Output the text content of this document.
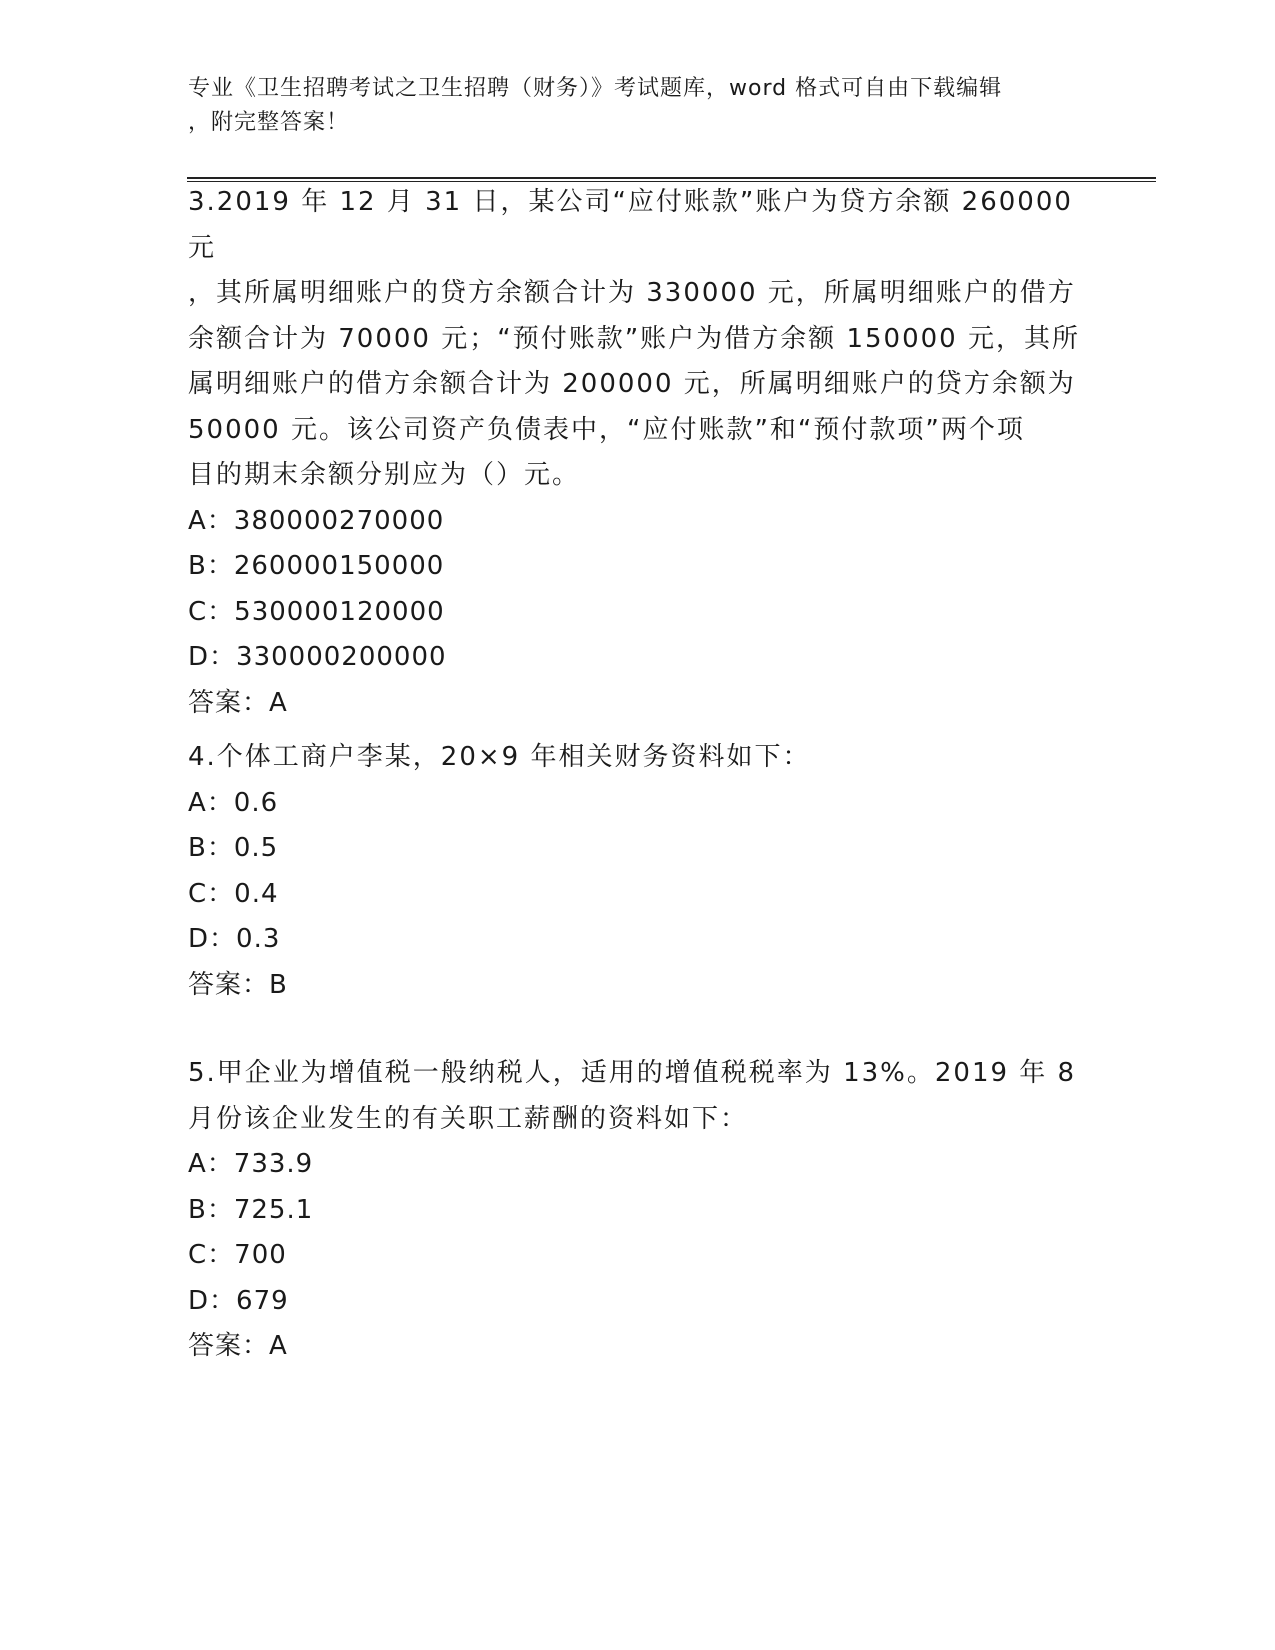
专业《卫生招聘考试之卫生招聘（财务）》考试题库，word 格式可自由下载编辑
，附完整答案！
3.2019 年 12 月 31 日，某公司“应付账款”账户为贷方余额 260000 元
，其所属明细账户的贷方余额合计为 330000 元，所属明细账户的借方
余额合计为 70000 元；“预付账款”账户为借方余额 150000 元，其所
属明细账户的借方余额合计为 200000 元，所属明细账户的贷方余额为
50000 元。该公司资产负债表中，“应付账款”和“预付款项”两个项
目的期末余额分别应为（）元。
A：380000270000
B：260000150000
C：530000120000
D：330000200000
答案：A
4.个体工商户李某，20×9 年相关财务资料如下：
A：0.6
B：0.5
C：0.4
D：0.3
答案：B
5.甲企业为增值税一般纳税人，适用的增值税税率为 13%。2019 年 8
月份该企业发生的有关职工薪酬的资料如下：
A：733.9
B：725.1
C：700
D：679
答案：A
